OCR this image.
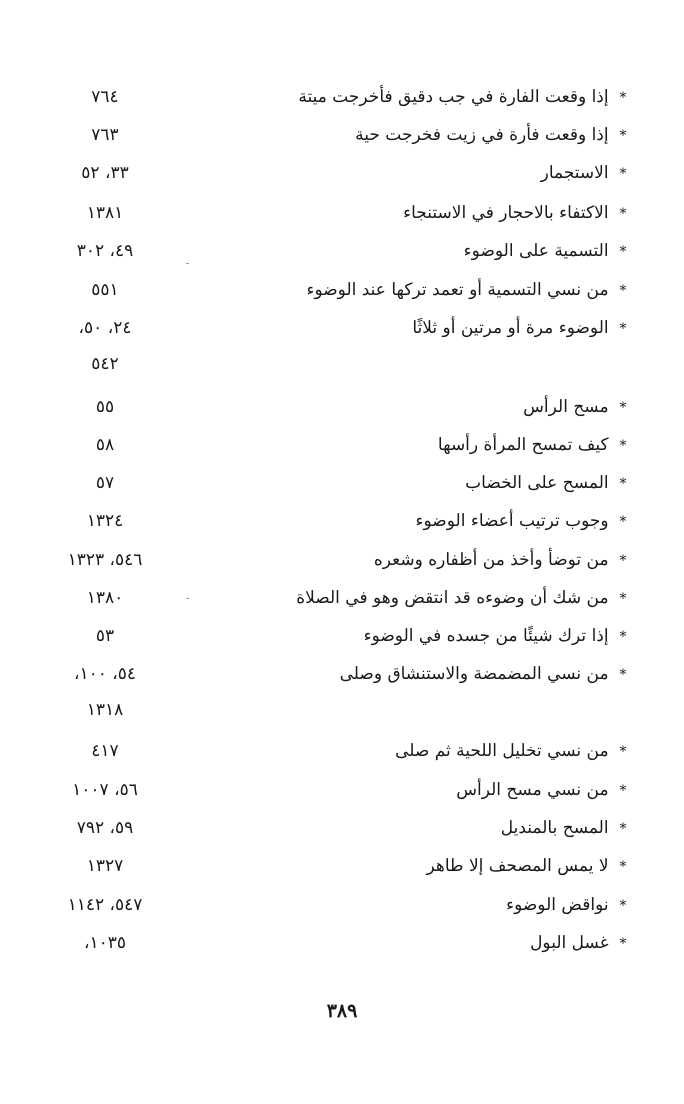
* إذا وقعت الفارة في جب دقيق فأخرجت ميتة
٧٦٤
* إذا وقعت فأرة في زيت فخرجت حية
٧٦٣
* الاستجمار
٣٣، ٥٢
* الاكتفاء بالاحجار في الاستنجاء
١٣٨١
* التسمية على الوضوء
٤٩، ٣٠٢
* من نسي التسمية أو تعمد تركها عند الوضوء
٥٥١
* الوضوء مرة أو مرتين أو ثلاثًا
٢٤، ٥٠،
٥٤٢
* مسح الرأس
٥٥
* كيف تمسح المرأة رأسها
٥٨
* المسح على الخضاب
٥٧
* وجوب ترتيب أعضاء الوضوء
١٣٢٤
* من توضأ وأخذ من أظفاره وشعره
٥٤٦، ١٣٢٣
* من شك أن وضوءه قد انتقض وهو في الصلاة
١٣٨٠
* إذا ترك شيئًا من جسده في الوضوء
٥٣
* من نسي المضمضة والاستنشاق وصلى
٥٤، ١٠٠،
١٣١٨
* من نسي تخليل اللحية ثم صلى
٤١٧
* من نسي مسح الرأس
٥٦، ١٠٠٧
* المسح بالمنديل
٥٩، ٧٩٢
* لا يمس المصحف إلا طاهر
١٣٢٧
* نواقض الوضوء
٥٤٧، ١١٤٢
* غسل البول
١٠٣٥،
٣٨٩
